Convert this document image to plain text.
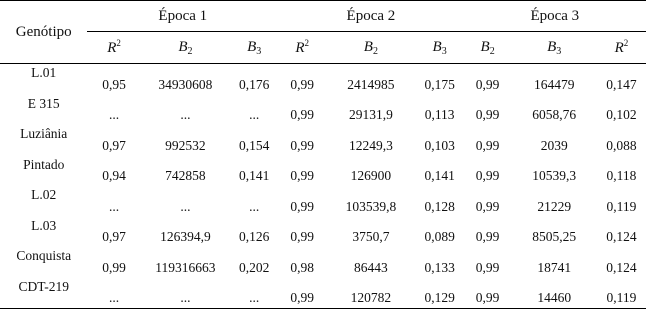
Genótipo	Época 1			Época 2			Época 3		
	$R^2$	$B_2$	$B_3$	$R^2$	$B_2$	$B_3$	$B_2$	$B_3$	$R^2$
L.01	0,95	34930608	0,176	0,99	2414985	0,175	0,99	164479	0,147
E 315	...	...	...	0,99	29131,9	0,113	0,99	6058,76	0,102
Luziânia	0,97	992532	0,154	0,99	12249,3	0,103	0,99	2039	0,088
Pintado	0,94	742858	0,141	0,99	126900	0,141	0,99	10539,3	0,118
L.02	...	...	...	0,99	103539,8	0,128	0,99	21229	0,119
L.03	0,97	126394,9	0,126	0,99	3750,7	0,089	0,99	8505,25	0,124
Conquista	0,99	119316663	0,202	0,98	86443	0,133	0,99	18741	0,124
CDT-219	...	...	...	0,99	120782	0,129	0,99	14460	0,119
